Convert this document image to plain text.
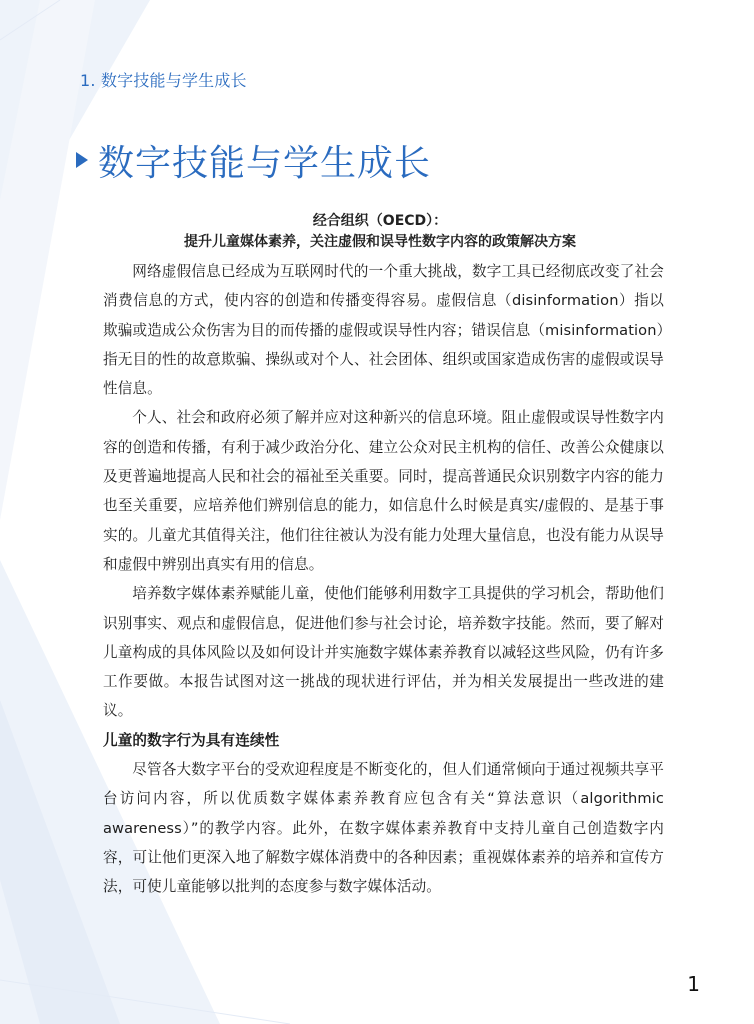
1. 数字技能与学生成长
数字技能与学生成长
经合组织（OECD）：
提升儿童媒体素养，关注虚假和误导性数字内容的政策解决方案

网络虚假信息已经成为互联网时代的一个重大挑战，数字工具已经彻底改变了社会消费信息的方式，使内容的创造和传播变得容易。虚假信息（disinformation）指以欺骗或造成公众伤害为目的而传播的虚假或误导性内容；错误信息（misinformation）指无目的性的故意欺骗、操纵或对个人、社会团体、组织或国家造成伤害的虚假或误导性信息。

个人、社会和政府必须了解并应对这种新兴的信息环境。阻止虚假或误导性数字内容的创造和传播，有利于减少政治分化、建立公众对民主机构的信任、改善公众健康以及更普遍地提高人民和社会的福祉至关重要。同时，提高普通民众识别数字内容的能力也至关重要，应培养他们辨别信息的能力，如信息什么时候是真实/虚假的、是基于事实的。儿童尤其值得关注，他们往往被认为没有能力处理大量信息，也没有能力从误导和虚假中辨别出真实有用的信息。

培养数字媒体素养赋能儿童，使他们能够利用数字工具提供的学习机会，帮助他们识别事实、观点和虚假信息，促进他们参与社会讨论，培养数字技能。然而，要了解对儿童构成的具体风险以及如何设计并实施数字媒体素养教育以减轻这些风险，仍有许多工作要做。本报告试图对这一挑战的现状进行评估，并为相关发展提出一些改进的建议。

儿童的数字行为具有连续性

尽管各大数字平台的受欢迎程度是不断变化的，但人们通常倾向于通过视频共享平台访问内容，所以优质数字媒体素养教育应包含有关“算法意识（algorithmic awareness）”的教学内容。此外，在数字媒体素养教育中支持儿童自己创造数字内容，可让他们更深入地了解数字媒体消费中的各种因素；重视媒体素养的培养和宣传方法，可使儿童能够以批判的态度参与数字媒体活动。

1
